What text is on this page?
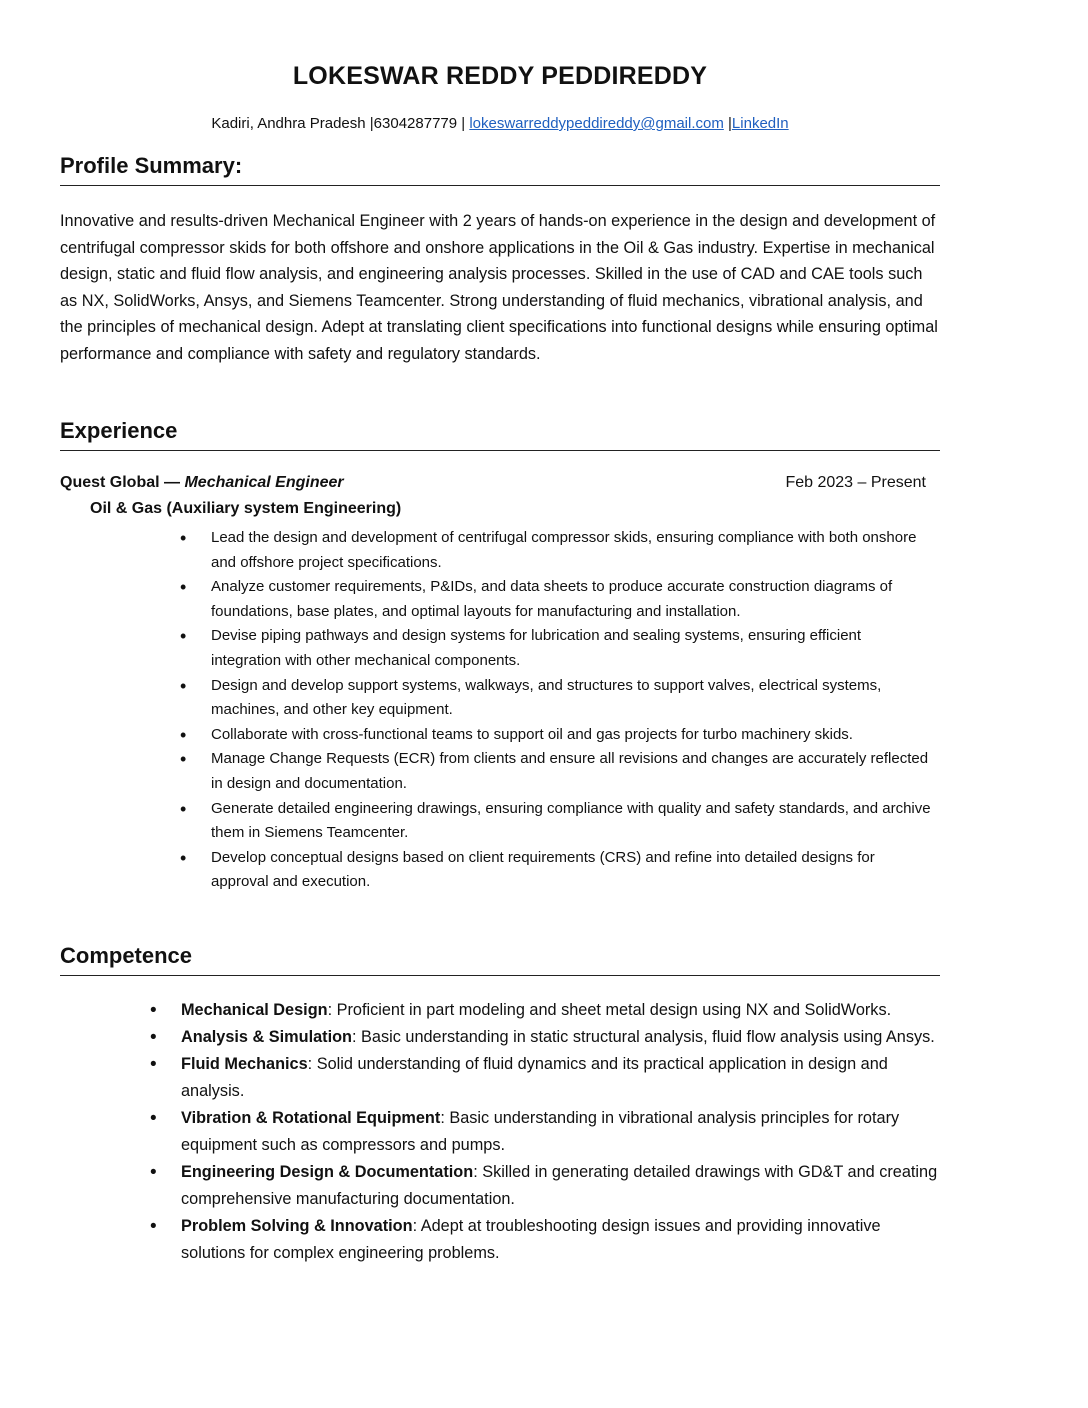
LOKESWAR REDDY PEDDIREDDY
Kadiri, Andhra Pradesh |6304287779 | lokeswarreddypeddireddy@gmail.com |LinkedIn
Profile Summary:
Innovative and results-driven Mechanical Engineer with 2 years of hands-on experience in the design and development of centrifugal compressor skids for both offshore and onshore applications in the Oil & Gas industry. Expertise in mechanical design, static and fluid flow analysis, and engineering analysis processes. Skilled in the use of CAD and CAE tools such as NX, SolidWorks, Ansys, and Siemens Teamcenter. Strong understanding of fluid mechanics, vibrational analysis, and the principles of mechanical design. Adept at translating client specifications into functional designs while ensuring optimal performance and compliance with safety and regulatory standards.
Experience
Quest Global — Mechanical Engineer	Feb 2023 – Present
Oil & Gas (Auxiliary system Engineering)
• Lead the design and development of centrifugal compressor skids, ensuring compliance with both onshore and offshore project specifications.
• Analyze customer requirements, P&IDs, and data sheets to produce accurate construction diagrams of foundations, base plates, and optimal layouts for manufacturing and installation.
• Devise piping pathways and design systems for lubrication and sealing systems, ensuring efficient integration with other mechanical components.
• Design and develop support systems, walkways, and structures to support valves, electrical systems, machines, and other key equipment.
• Collaborate with cross-functional teams to support oil and gas projects for turbo machinery skids.
• Manage Change Requests (ECR) from clients and ensure all revisions and changes are accurately reflected in design and documentation.
• Generate detailed engineering drawings, ensuring compliance with quality and safety standards, and archive them in Siemens Teamcenter.
• Develop conceptual designs based on client requirements (CRS) and refine into detailed designs for approval and execution.
Competence
• Mechanical Design: Proficient in part modeling and sheet metal design using NX and SolidWorks.
• Analysis & Simulation: Basic understanding in static structural analysis, fluid flow analysis using Ansys.
• Fluid Mechanics: Solid understanding of fluid dynamics and its practical application in design and analysis.
• Vibration & Rotational Equipment: Basic understanding in vibrational analysis principles for rotary equipment such as compressors and pumps.
• Engineering Design & Documentation: Skilled in generating detailed drawings with GD&T and creating comprehensive manufacturing documentation.
• Problem Solving & Innovation: Adept at troubleshooting design issues and providing innovative solutions for complex engineering problems.
